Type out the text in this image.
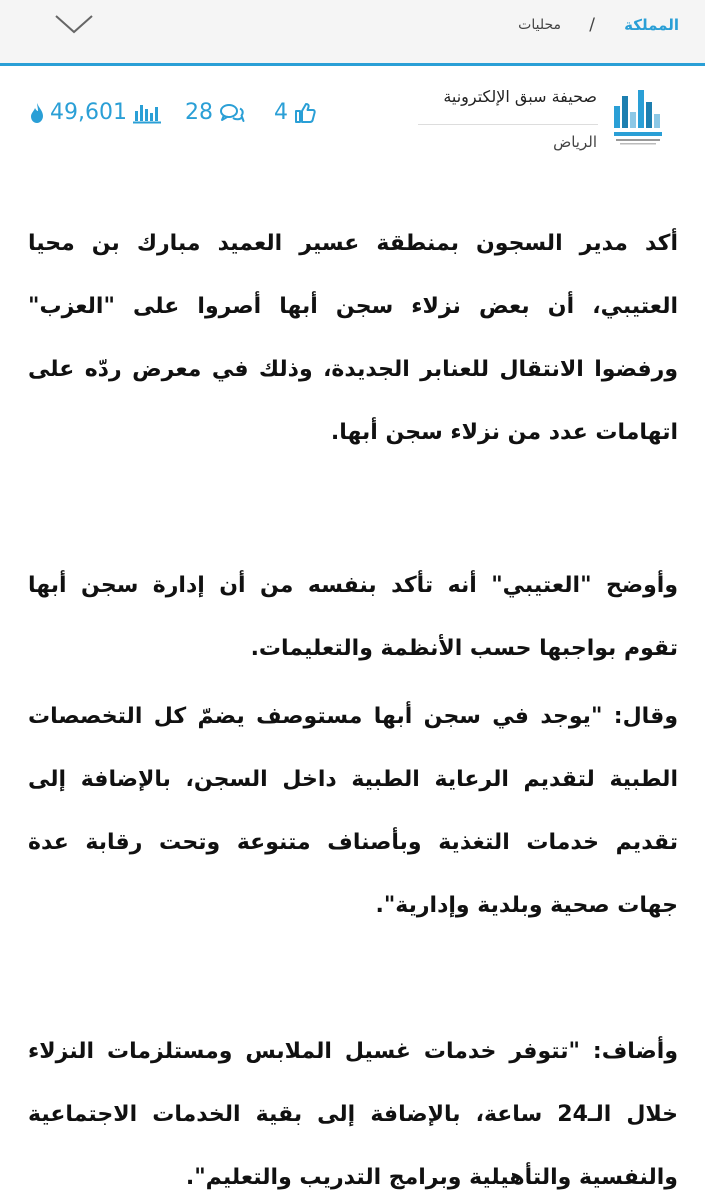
المملكة
/
محليات
صحيفة سبق الإلكترونية
الرياض
4
28
49,601

أكد مدير السجون بمنطقة عسير العميد مبارك بن محيا العتيبي، أن بعض نزلاء سجن أبها أصروا على "العزب" ورفضوا الانتقال للعنابر الجديدة، وذلك في معرض ردّه على اتهامات عدد من نزلاء سجن أبها.

وأوضح "العتيبي" أنه تأكد بنفسه من أن إدارة سجن أبها تقوم بواجبها حسب الأنظمة والتعليمات.

وقال: "يوجد في سجن أبها مستوصف يضمّ كل التخصصات الطبية لتقديم الرعاية الطبية داخل السجن، بالإضافة إلى تقديم خدمات التغذية وبأصناف متنوعة وتحت رقابة عدة جهات صحية وبلدية وإدارية".

وأضاف: "تتوفر خدمات غسيل الملابس ومستلزمات النزلاء خلال الـ24 ساعة، بالإضافة إلى بقية الخدمات الاجتماعية والنفسية والتأهيلية وبرامج التدريب والتعليم".
